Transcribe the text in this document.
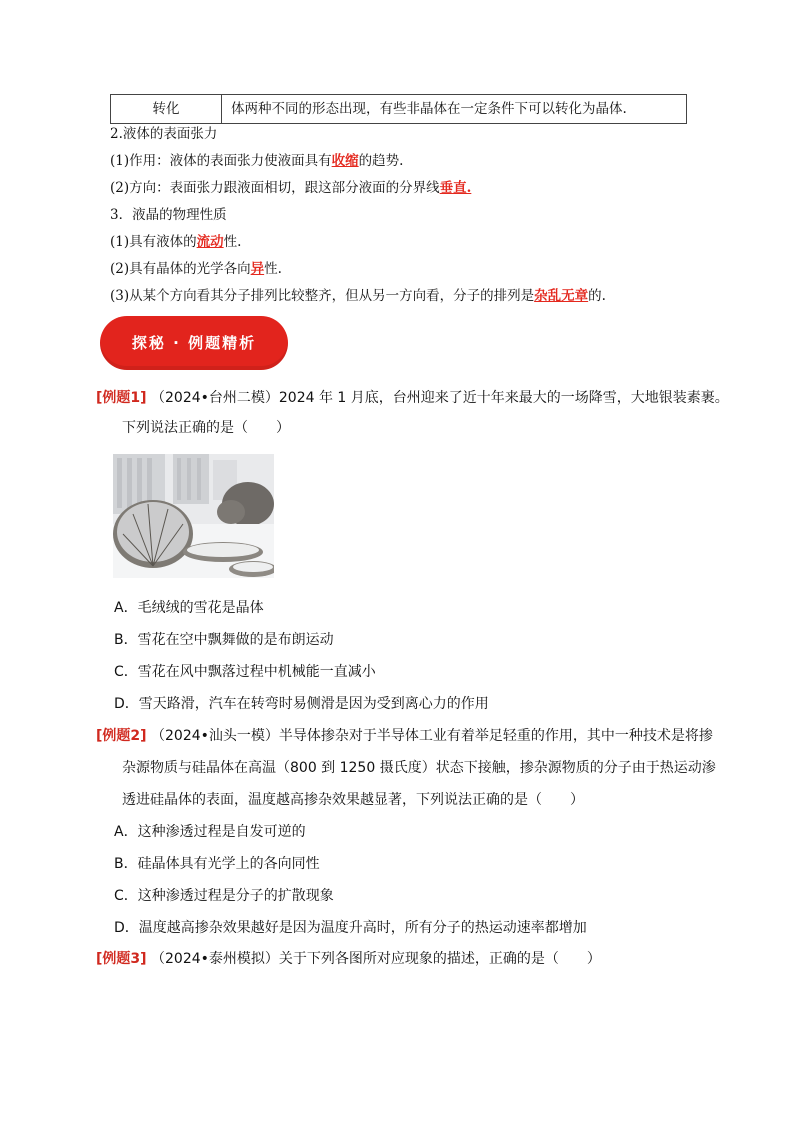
转化	体两种不同的形态出现，有些非晶体在一定条件下可以转化为晶体.
2.液体的表面张力
(1)作用：液体的表面张力使液面具有收缩的趋势.
(2)方向：表面张力跟液面相切，跟这部分液面的分界线垂直.
3．液晶的物理性质
(1)具有液体的流动性.
(2)具有晶体的光学各向异性.
(3)从某个方向看其分子排列比较整齐，但从另一方向看，分子的排列是杂乱无章的.
探秘 · 例题精析
[例题1] （2024•台州二模）2024 年 1 月底，台州迎来了近十年来最大的一场降雪，大地银装素裹。
下列说法正确的是（　　）
A．毛绒绒的雪花是晶体
B．雪花在空中飘舞做的是布朗运动
C．雪花在风中飘落过程中机械能一直减小
D．雪天路滑，汽车在转弯时易侧滑是因为受到离心力的作用
[例题2] （2024•汕头一模）半导体掺杂对于半导体工业有着举足轻重的作用，其中一种技术是将掺
杂源物质与硅晶体在高温（800 到 1250 摄氏度）状态下接触，掺杂源物质的分子由于热运动渗
透进硅晶体的表面，温度越高掺杂效果越显著，下列说法正确的是（　　）
A．这种渗透过程是自发可逆的
B．硅晶体具有光学上的各向同性
C．这种渗透过程是分子的扩散现象
D．温度越高掺杂效果越好是因为温度升高时，所有分子的热运动速率都增加
[例题3] （2024•泰州模拟）关于下列各图所对应现象的描述，正确的是（　　）
